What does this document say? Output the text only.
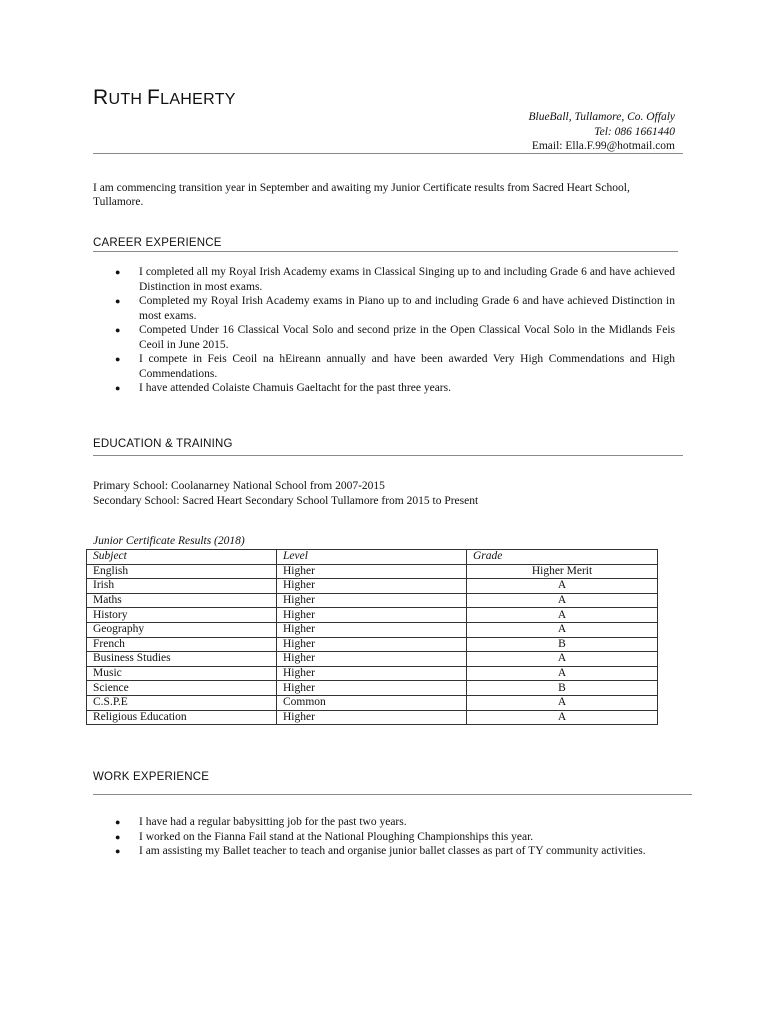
RUTH FLAHERTY
BlueBall, Tullamore, Co. Offaly
Tel: 086 1661440
Email: Ella.F.99@hotmail.com
I am commencing transition year in September and awaiting my Junior Certificate results from Sacred Heart School, Tullamore.
CAREER EXPERIENCE
● I completed all my Royal Irish Academy exams in Classical Singing up to and including Grade 6 and have achieved Distinction in most exams.
● Completed my Royal Irish Academy exams in Piano up to and including Grade 6 and have achieved Distinction in most exams.
● Competed Under 16 Classical Vocal Solo and second prize in the Open Classical Vocal Solo in the Midlands Feis Ceoil in June 2015.
● I compete in Feis Ceoil na hEireann annually and have been awarded Very High Commendations and High Commendations.
● I have attended Colaiste Chamuis Gaeltacht for the past three years.
EDUCATION & TRAINING
Primary School: Coolanarney National School from 2007-2015
Secondary School: Sacred Heart Secondary School Tullamore from 2015 to Present
Junior Certificate Results (2018)
Subject	Level	Grade
English	Higher	Higher Merit
Irish	Higher	A
Maths	Higher	A
History	Higher	A
Geography	Higher	A
French	Higher	B
Business Studies	Higher	A
Music	Higher	A
Science	Higher	B
C.S.P.E	Common	A
Religious Education	Higher	A
WORK EXPERIENCE
● I have had a regular babysitting job for the past two years.
● I worked on the Fianna Fail stand at the National Ploughing Championships this year.
● I am assisting my Ballet teacher to teach and organise junior ballet classes as part of TY community activities.
